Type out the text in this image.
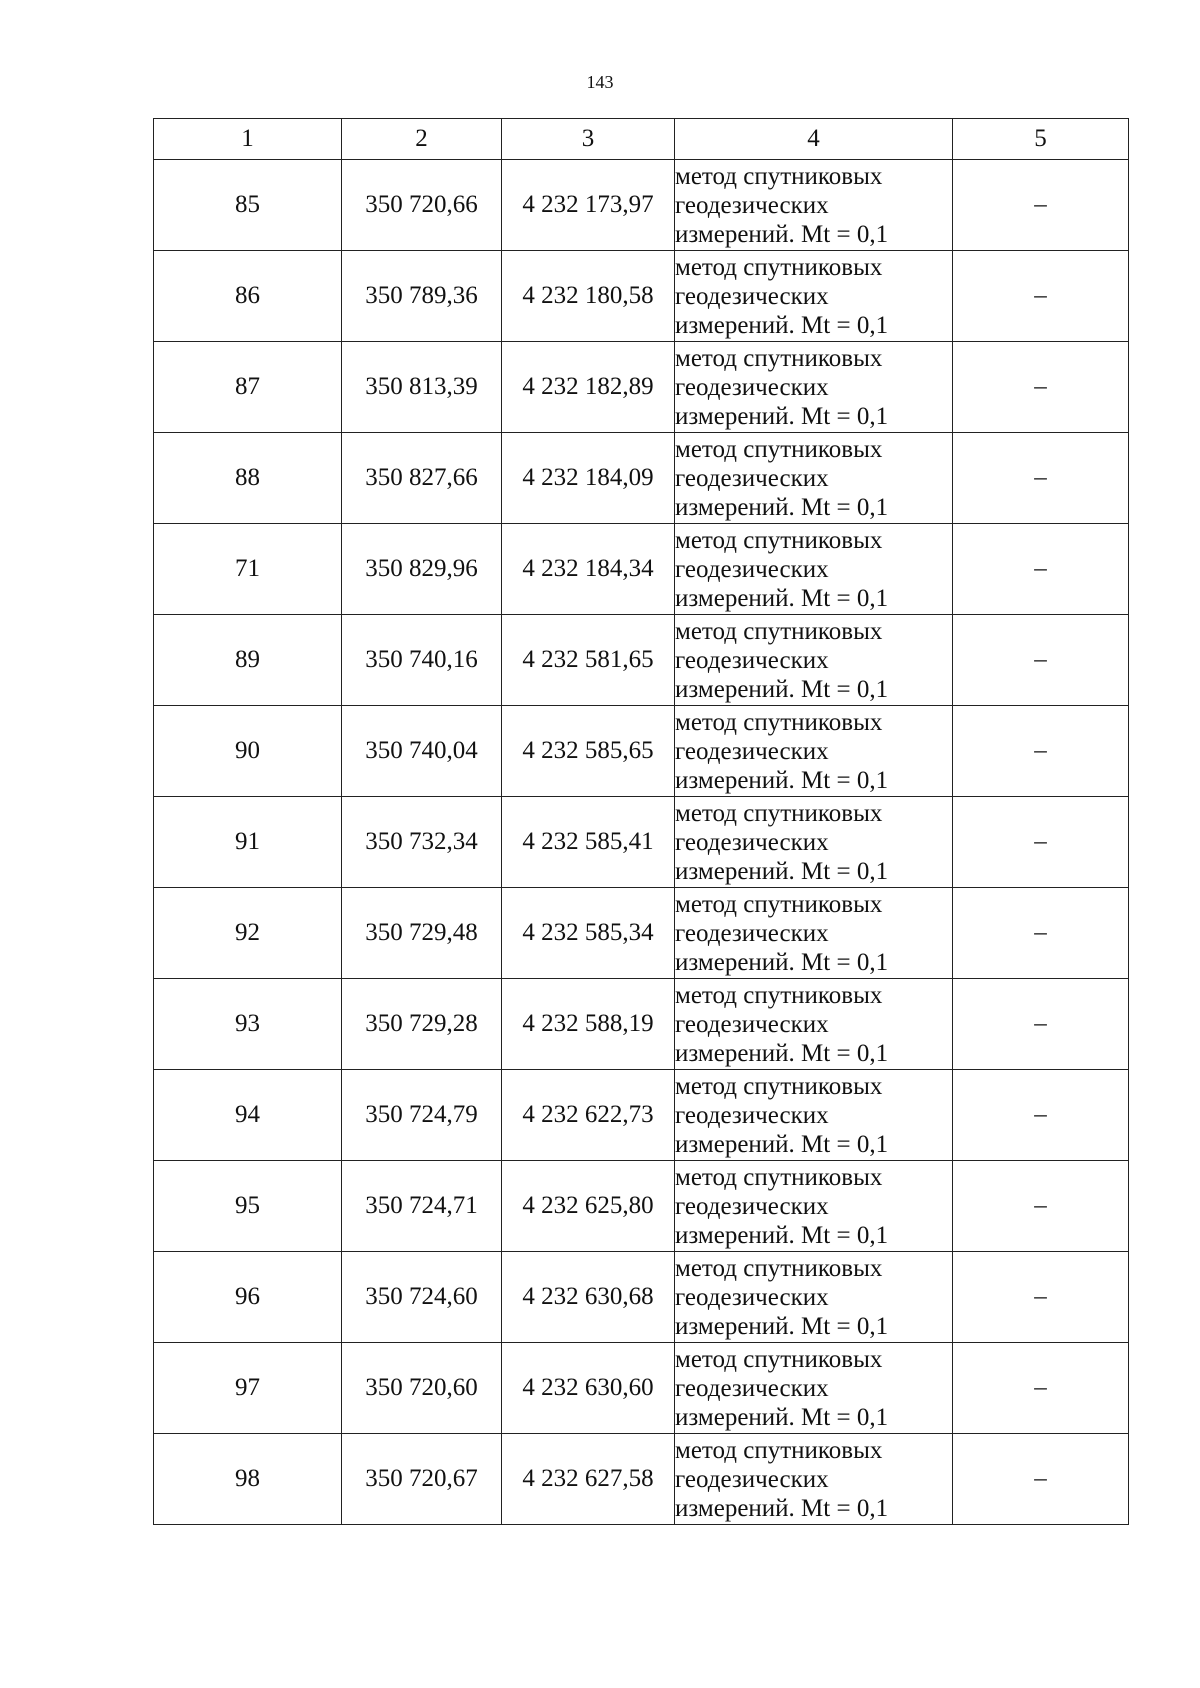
143
1	2	3	4	5
85	350 720,66	4 232 173,97	метод спутниковых
геодезических
измерений. Mt = 0,1	–
86	350 789,36	4 232 180,58	метод спутниковых
геодезических
измерений. Mt = 0,1	–
87	350 813,39	4 232 182,89	метод спутниковых
геодезических
измерений. Mt = 0,1	–
88	350 827,66	4 232 184,09	метод спутниковых
геодезических
измерений. Mt = 0,1	–
71	350 829,96	4 232 184,34	метод спутниковых
геодезических
измерений. Mt = 0,1	–
89	350 740,16	4 232 581,65	метод спутниковых
геодезических
измерений. Mt = 0,1	–
90	350 740,04	4 232 585,65	метод спутниковых
геодезических
измерений. Mt = 0,1	–
91	350 732,34	4 232 585,41	метод спутниковых
геодезических
измерений. Mt = 0,1	–
92	350 729,48	4 232 585,34	метод спутниковых
геодезических
измерений. Mt = 0,1	–
93	350 729,28	4 232 588,19	метод спутниковых
геодезических
измерений. Mt = 0,1	–
94	350 724,79	4 232 622,73	метод спутниковых
геодезических
измерений. Mt = 0,1	–
95	350 724,71	4 232 625,80	метод спутниковых
геодезических
измерений. Mt = 0,1	–
96	350 724,60	4 232 630,68	метод спутниковых
геодезических
измерений. Mt = 0,1	–
97	350 720,60	4 232 630,60	метод спутниковых
геодезических
измерений. Mt = 0,1	–
98	350 720,67	4 232 627,58	метод спутниковых
геодезических
измерений. Mt = 0,1	–
